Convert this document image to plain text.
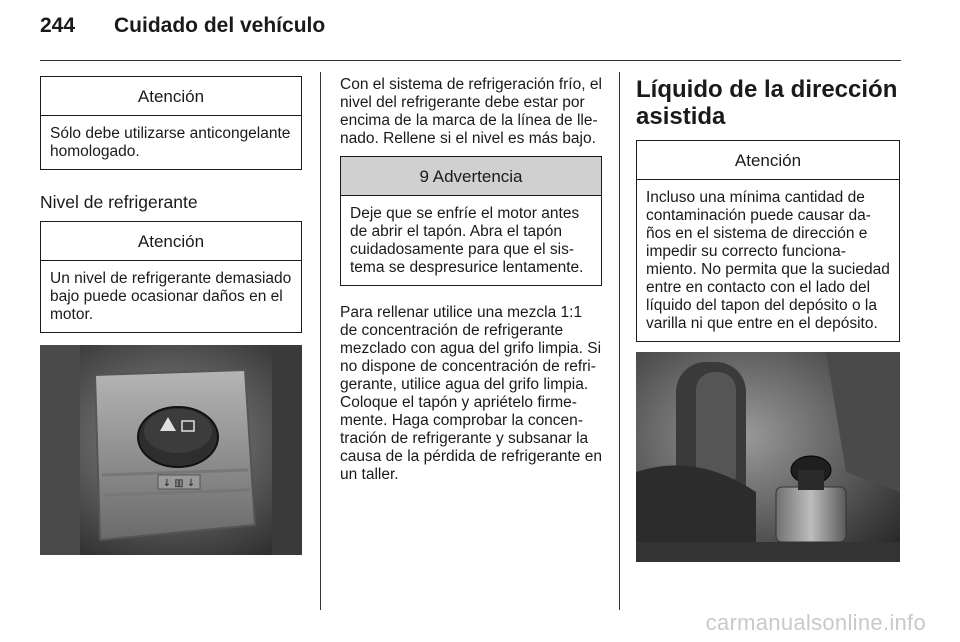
244 Cuidado del vehículo
Atención
Sólo debe utilizarse anticongelante homologado.
Nivel de refrigerante
Atención
Un nivel de refrigerante demasiado bajo puede ocasionar daños en el motor.
↓ ▥ ↓

Con el sistema de refrigeración frío, el nivel del refrigerante debe estar por encima de la marca de la línea de llenado. Rellene si el nivel es más bajo.

9 Advertencia
Deje que se enfríe el motor antes de abrir el tapón. Abra el tapón cuidadosamente para que el sistema se despresurice lentamente.

Para rellenar utilice una mezcla 1:1 de concentración de refrigerante mezclado con agua del grifo limpia. Si no dispone de concentración de refrigerante, utilice agua del grifo limpia. Coloque el tapón y apriételo firmemente. Haga comprobar la concentración de refrigerante y subsanar la causa de la pérdida de refrigerante en un taller.

Líquido de la dirección asistida
Atención
Incluso una mínima cantidad de contaminación puede causar daños en el sistema de dirección e impedir su correcto funcionamiento. No permita que la suciedad entre en contacto con el lado del líquido del tapon del depósito o la varilla ni que entre en el depósito.
carmanualsonline.info
